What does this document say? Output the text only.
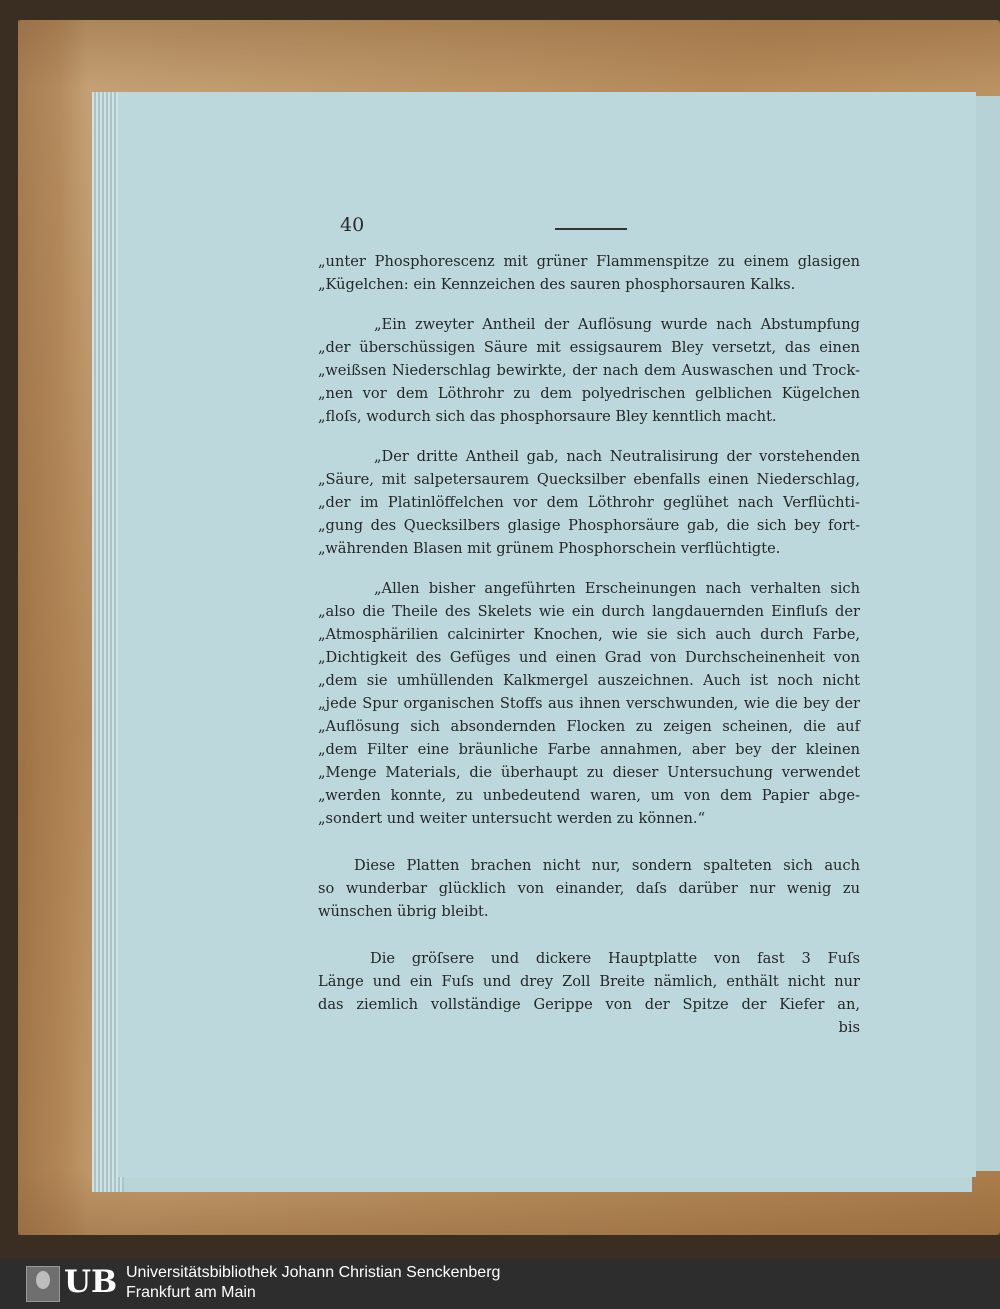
40
„unter Phosphorescenz mit grüner Flammenspitze zu einem glasigen
„Kügelchen: ein Kennzeichen des sauren phosphorsauren Kalks.
„Ein zweyter Antheil der Auflösung wurde nach Abstumpfung
„der überschüssigen Säure mit essigsaurem Bley versetzt, das einen
„weißsen Niederschlag bewirkte, der nach dem Auswaschen und Trock-
„nen vor dem Löthrohr zu dem polyedrischen gelblichen Kügelchen
„floſs, wodurch sich das phosphorsaure Bley kenntlich macht.
„Der dritte Antheil gab, nach Neutralisirung der vorstehenden
„Säure, mit salpetersaurem Quecksilber ebenfalls einen Niederschlag,
„der im Platinlöffelchen vor dem Löthrohr geglühet nach Verflüchti-
„gung des Quecksilbers glasige Phosphorsäure gab, die sich bey fort-
„währenden Blasen mit grünem Phosphorschein verflüchtigte.
„Allen bisher angeführten Erscheinungen nach verhalten sich
„also die Theile des Skelets wie ein durch langdauernden Einfluſs der
„Atmosphärilien calcinirter Knochen, wie sie sich auch durch Farbe,
„Dichtigkeit des Gefüges und einen Grad von Durchscheinenheit von
„dem sie umhüllenden Kalkmergel auszeichnen. Auch ist noch nicht
„jede Spur organischen Stoffs aus ihnen verschwunden, wie die bey der
„Auflösung sich absondernden Flocken zu zeigen scheinen, die auf
„dem Filter eine bräunliche Farbe annahmen, aber bey der kleinen
„Menge Materials, die überhaupt zu dieser Untersuchung verwendet
„werden konnte, zu unbedeutend waren, um von dem Papier abge-
„sondert und weiter untersucht werden zu können.“
Diese Platten brachen nicht nur, sondern spalteten sich auch
so wunderbar glücklich von einander, daſs darüber nur wenig zu
wünschen übrig bleibt.
Die gröſsere und dickere Hauptplatte von fast 3 Fuſs
Länge und ein Fuſs und drey Zoll Breite nämlich, enthält nicht nur
das ziemlich vollständige Gerippe von der Spitze der Kiefer an,
bis
UB Universitätsbibliothek Johann Christian Senckenberg
Frankfurt am Main
